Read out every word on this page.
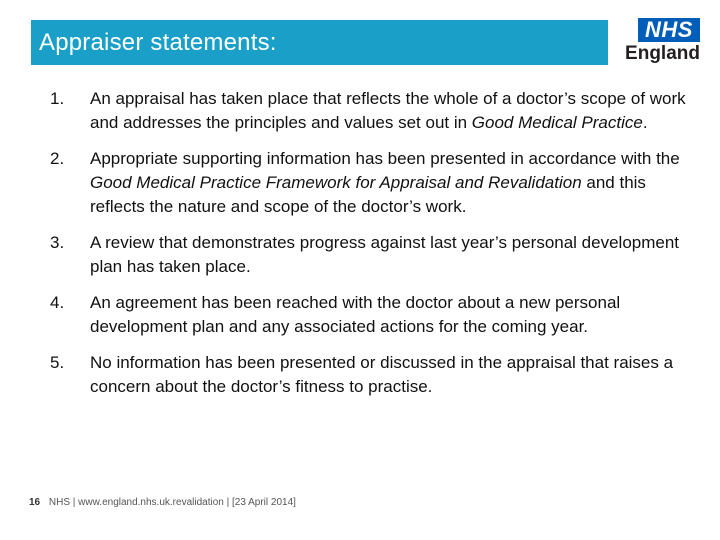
Appraiser statements:	NHS
England
1. An appraisal has taken place that reflects the whole of a doctor’s scope of work and addresses the principles and values set out in Good Medical Practice.
2. Appropriate supporting information has been presented in accordance with the Good Medical Practice Framework for Appraisal and Revalidation and this reflects the nature and scope of the doctor’s work.
3. A review that demonstrates progress against last year’s personal development plan has taken place.
4. An agreement has been reached with the doctor about a new personal development plan and any associated actions for the coming year.
5. No information has been presented or discussed in the appraisal that raises a concern about the doctor’s fitness to practise.
16 NHS | www.england.nhs.uk.revalidation | [23 April 2014]
